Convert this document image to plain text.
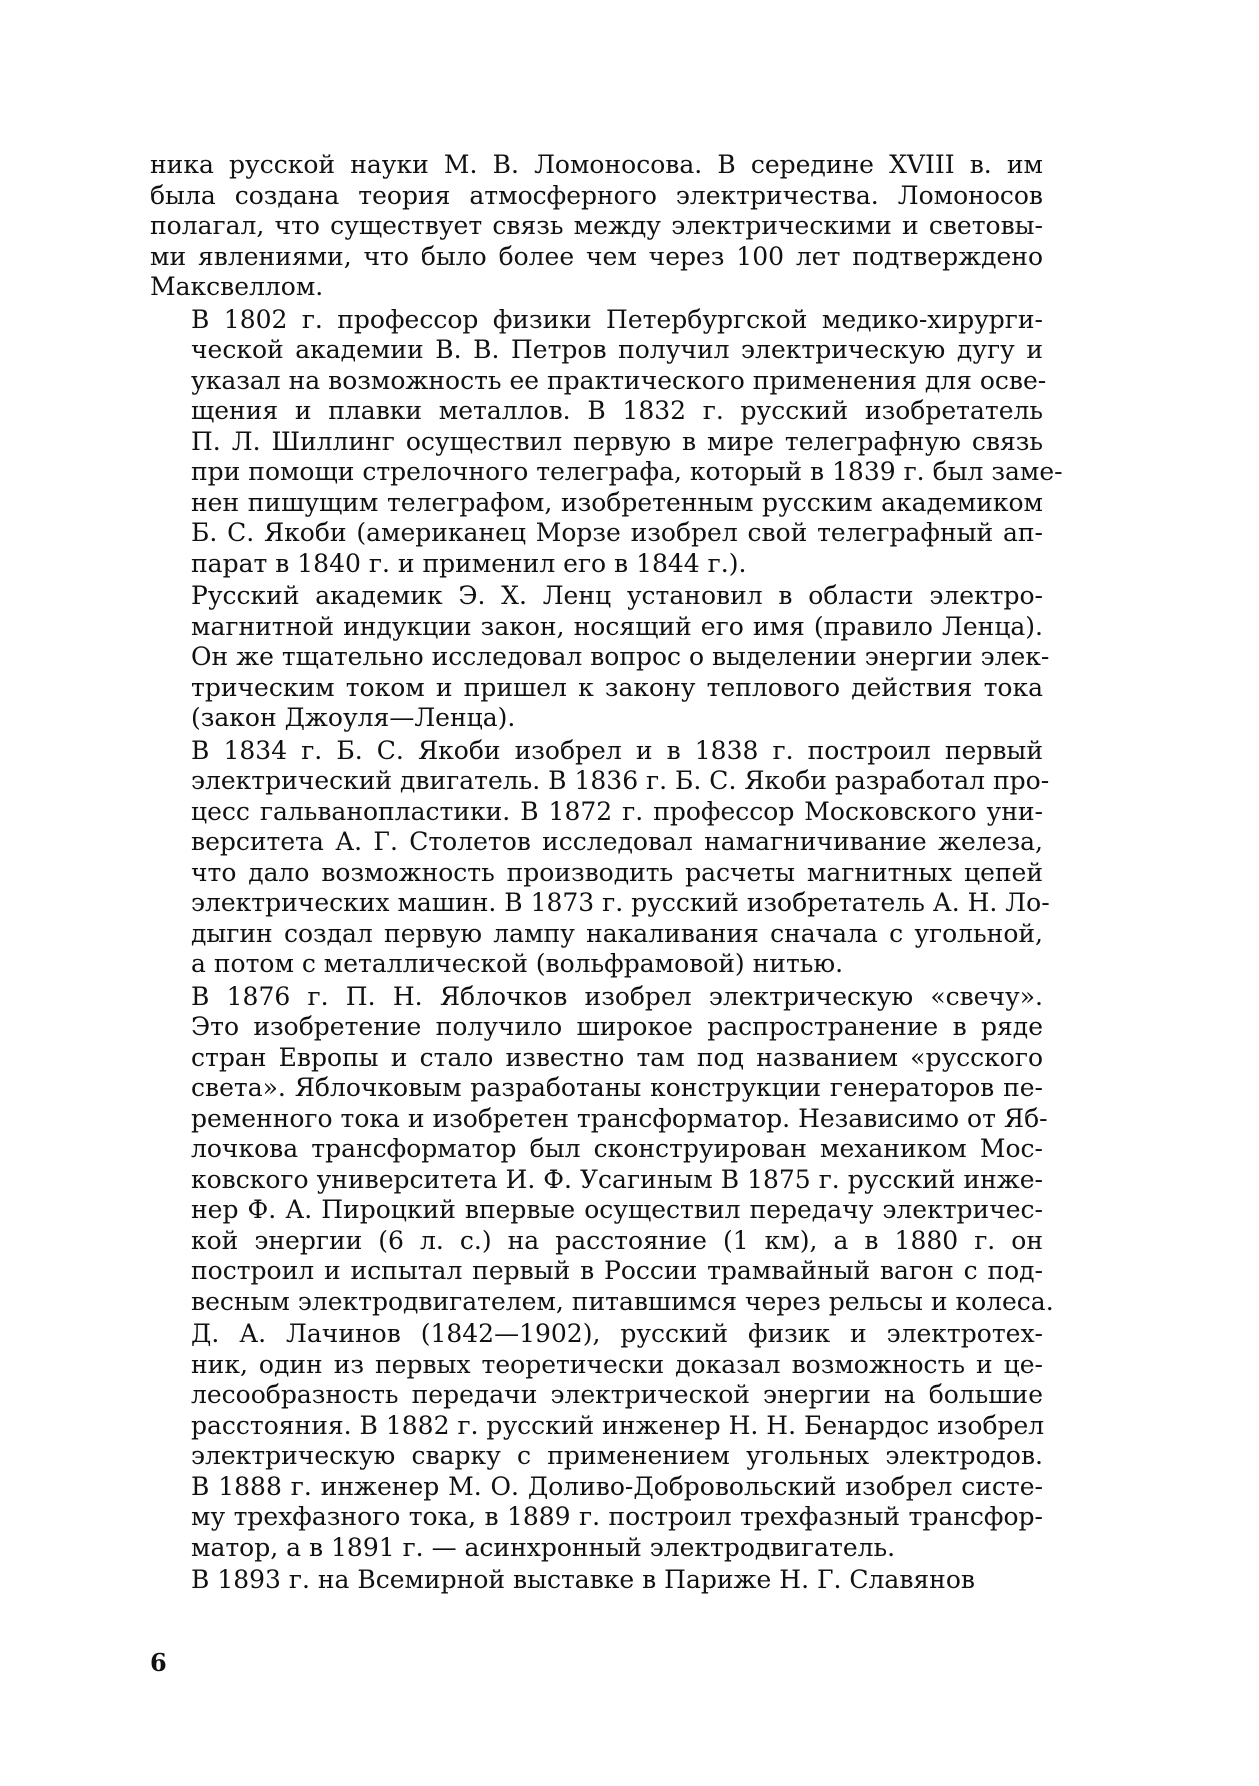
ника русской науки М. В. Ломоносова. В середине XVIII в. им
была создана теория атмосферного электричества. Ломоносов
полагал, что существует связь между электрическими и световы-
ми явлениями, что было более чем через 100 лет подтверждено
Максвеллом.
В 1802 г. профессор физики Петербургской медико-хирурги-
ческой академии В. В. Петров получил электрическую дугу и
указал на возможность ее практического применения для осве-
щения и плавки металлов. В 1832 г. русский изобретатель
П. Л. Шиллинг осуществил первую в мире телеграфную связь
при помощи стрелочного телеграфа, который в 1839 г. был заме-
нен пишущим телеграфом, изобретенным русским академиком
Б. С. Якоби (американец Морзе изобрел свой телеграфный ап-
парат в 1840 г. и применил его в 1844 г.).
Русский академик Э. Х. Ленц установил в области электро-
магнитной индукции закон, носящий его имя (правило Ленца).
Он же тщательно исследовал вопрос о выделении энергии элек-
трическим током и пришел к закону теплового действия тока
(закон Джоуля—Ленца).
В 1834 г. Б. С. Якоби изобрел и в 1838 г. построил первый
электрический двигатель. В 1836 г. Б. С. Якоби разработал про-
цесс гальванопластики. В 1872 г. профессор Московского уни-
верситета А. Г. Столетов исследовал намагничивание железа,
что дало возможность производить расчеты магнитных цепей
электрических машин. В 1873 г. русский изобретатель А. Н. Ло-
дыгин создал первую лампу накаливания сначала с угольной,
а потом с металлической (вольфрамовой) нитью.
В 1876 г. П. Н. Яблочков изобрел электрическую «свечу».
Это изобретение получило широкое распространение в ряде
стран Европы и стало известно там под названием «русского
света». Яблочковым разработаны конструкции генераторов пе-
ременного тока и изобретен трансформатор. Независимо от Яб-
лочкова трансформатор был сконструирован механиком Мос-
ковского университета И. Ф. Усагиным В 1875 г. русский инже-
нер Ф. А. Пироцкий впервые осуществил передачу электричес-
кой энергии (6 л. с.) на расстояние (1 км), а в 1880 г. он
построил и испытал первый в России трамвайный вагон с под-
весным электродвигателем, питавшимся через рельсы и колеса.
Д. А. Лачинов (1842—1902), русский физик и электротех-
ник, один из первых теоретически доказал возможность и це-
лесообразность передачи электрической энергии на большие
расстояния. В 1882 г. русский инженер Н. Н. Бенардос изобрел
электрическую сварку с применением угольных электродов.
В 1888 г. инженер М. О. Доливо-Добровольский изобрел систе-
му трехфазного тока, в 1889 г. построил трехфазный трансфор-
матор, а в 1891 г. — асинхронный электродвигатель.
В 1893 г. на Всемирной выставке в Париже Н. Г. Славянов
6
